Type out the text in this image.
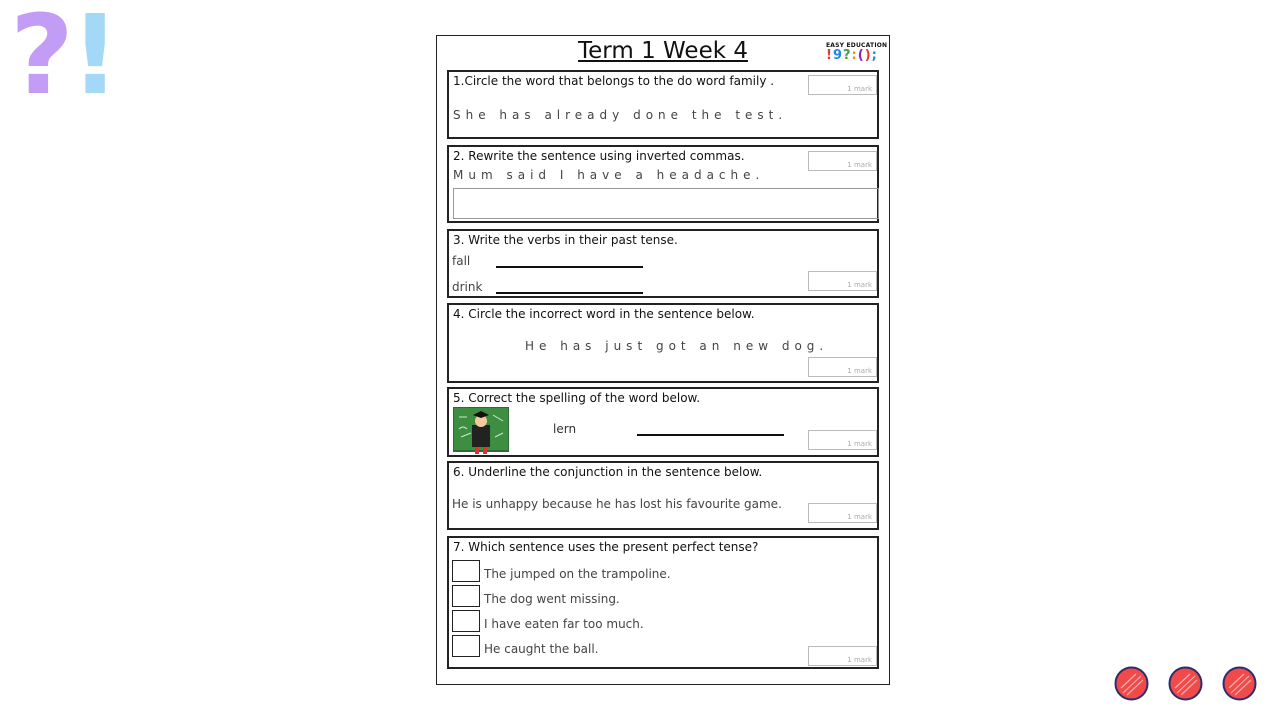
?
!	Term 1 Week 4	EASY EDUCATION
! 9 ? : ( ) ;
1.Circle the word that belongs to the do word family .
1 mark
She has already done the test.
2. Rewrite the sentence using inverted commas.
1 mark
Mum said I have a headache.
3. Write the verbs in their past tense.
fall
drink	1 mark
4. Circle the incorrect word in the sentence below.
He has just got an new dog.
1 mark
5. Correct the spelling of the word below.
lern
1 mark
6. Underline the conjunction in the sentence below.
He is unhappy because he has lost his favourite game.
1 mark
7. Which sentence uses the present perfect tense?
The jumped on the trampoline.
The dog went missing.
I have eaten far too much.
He caught the ball.
1 mark
